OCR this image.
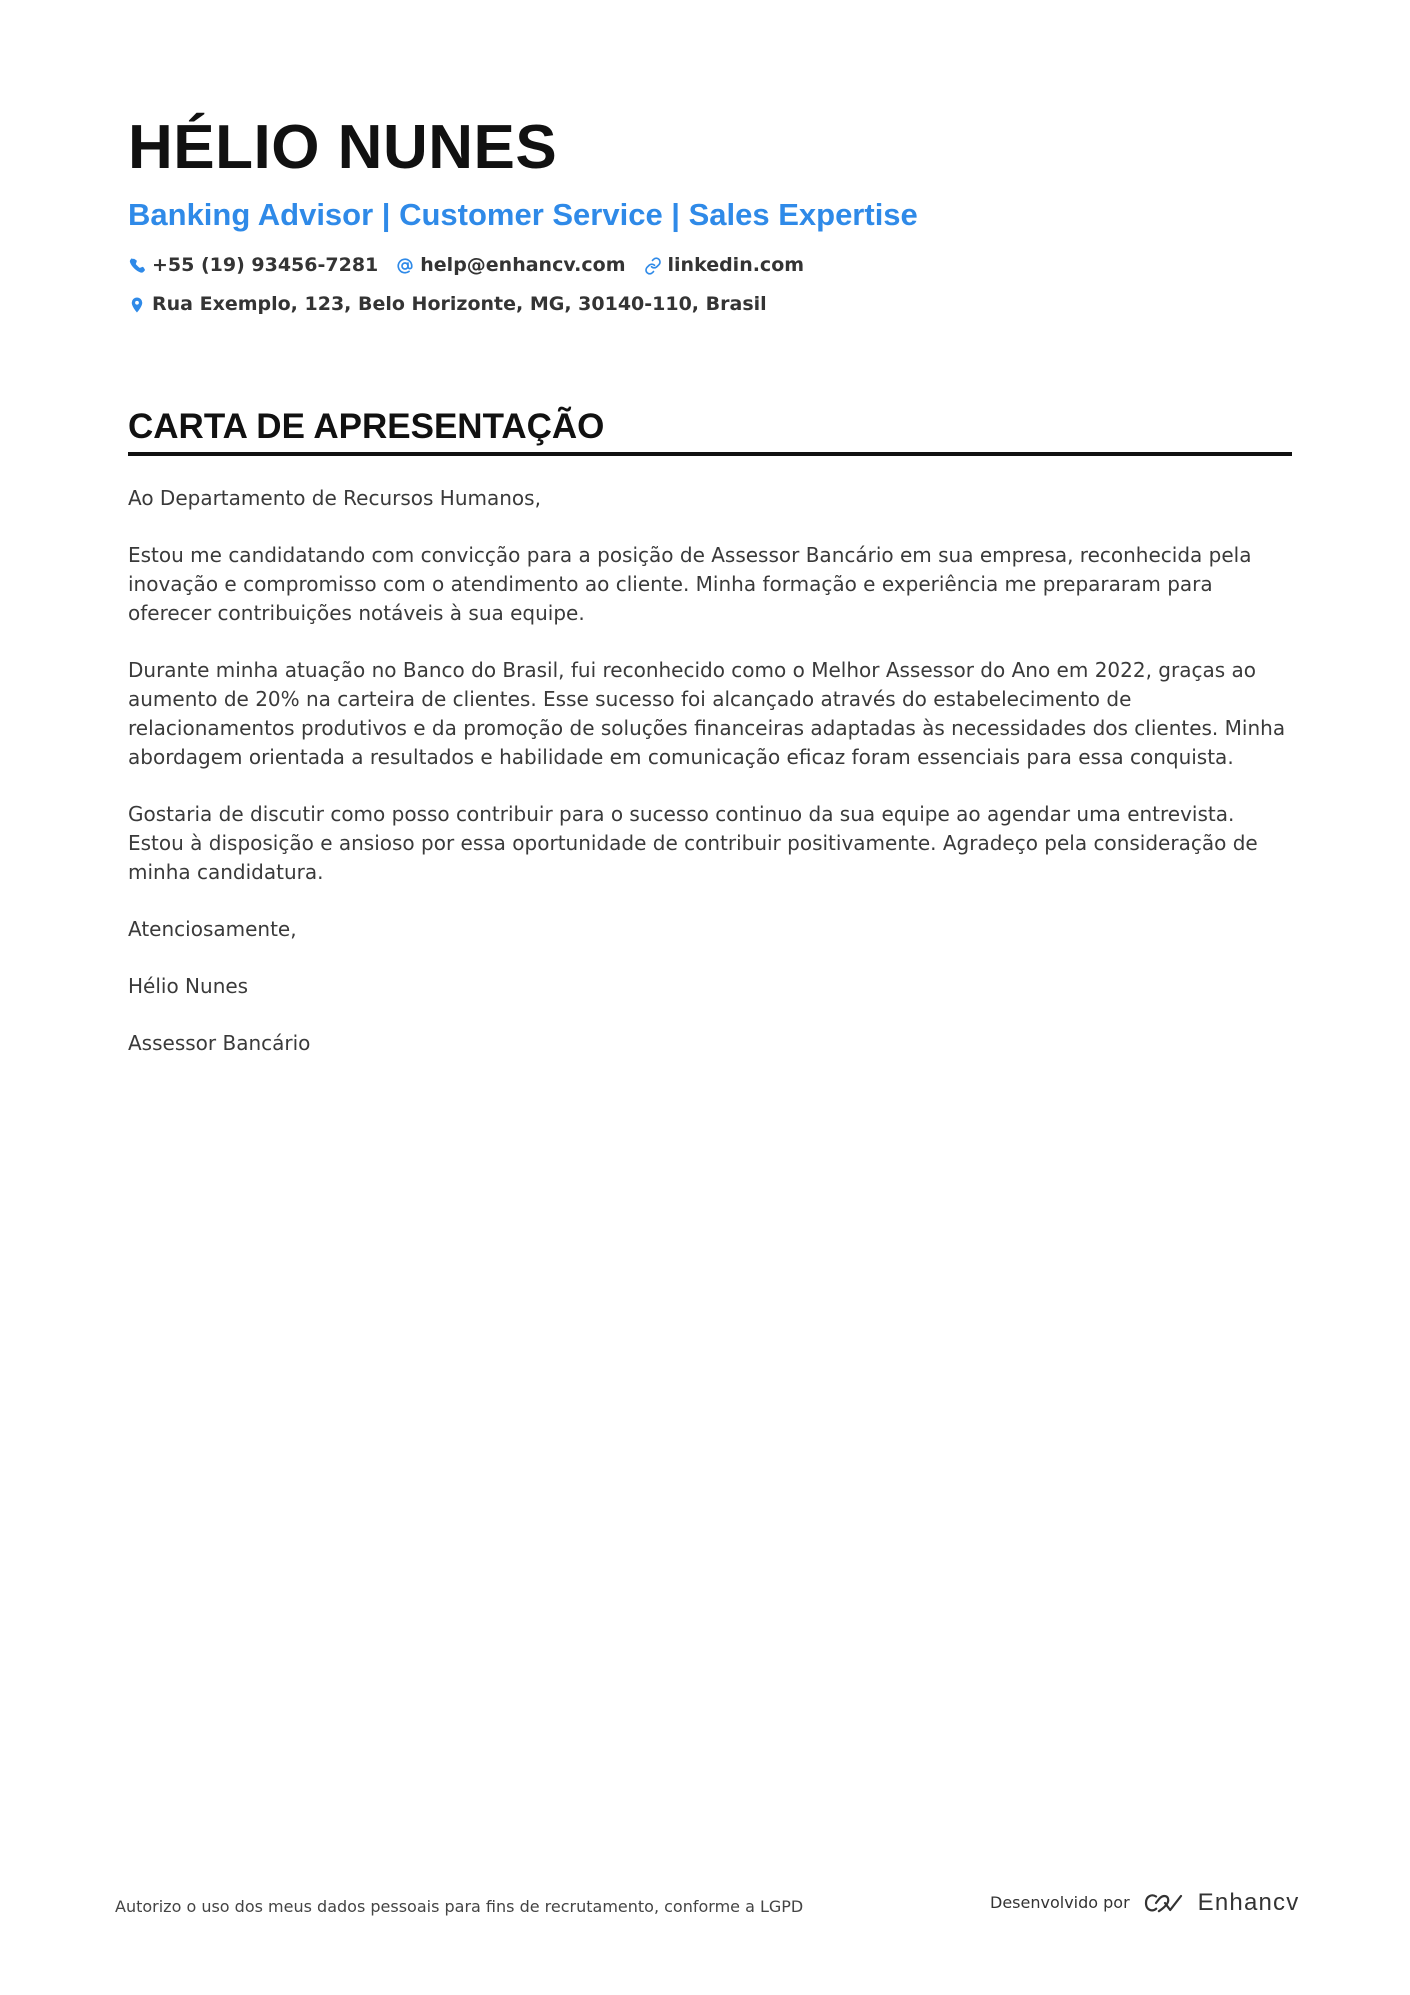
HÉLIO NUNES
Banking Advisor | Customer Service | Sales Expertise
+55 (19) 93456-7281 help@enhancv.com linkedin.com
Rua Exemplo, 123, Belo Horizonte, MG, 30140-110, Brasil
CARTA DE APRESENTAÇÃO

Ao Departamento de Recursos Humanos,

Estou me candidatando com convicção para a posição de Assessor Bancário em sua empresa, reconhecida pela inovação e compromisso com o atendimento ao cliente. Minha formação e experiência me prepararam para oferecer contribuições notáveis à sua equipe.

Durante minha atuação no Banco do Brasil, fui reconhecido como o Melhor Assessor do Ano em 2022, graças ao aumento de 20% na carteira de clientes. Esse sucesso foi alcançado através do estabelecimento de relacionamentos produtivos e da promoção de soluções financeiras adaptadas às necessidades dos clientes. Minha abordagem orientada a resultados e habilidade em comunicação eficaz foram essenciais para essa conquista.

Gostaria de discutir como posso contribuir para o sucesso continuo da sua equipe ao agendar uma entrevista. Estou à disposição e ansioso por essa oportunidade de contribuir positivamente. Agradeço pela consideração de minha candidatura.

Atenciosamente,

Hélio Nunes

Assessor Bancário

Autorizo o uso dos meus dados pessoais para fins de recrutamento, conforme a LGPD	Desenvolvido por	Enhancv
